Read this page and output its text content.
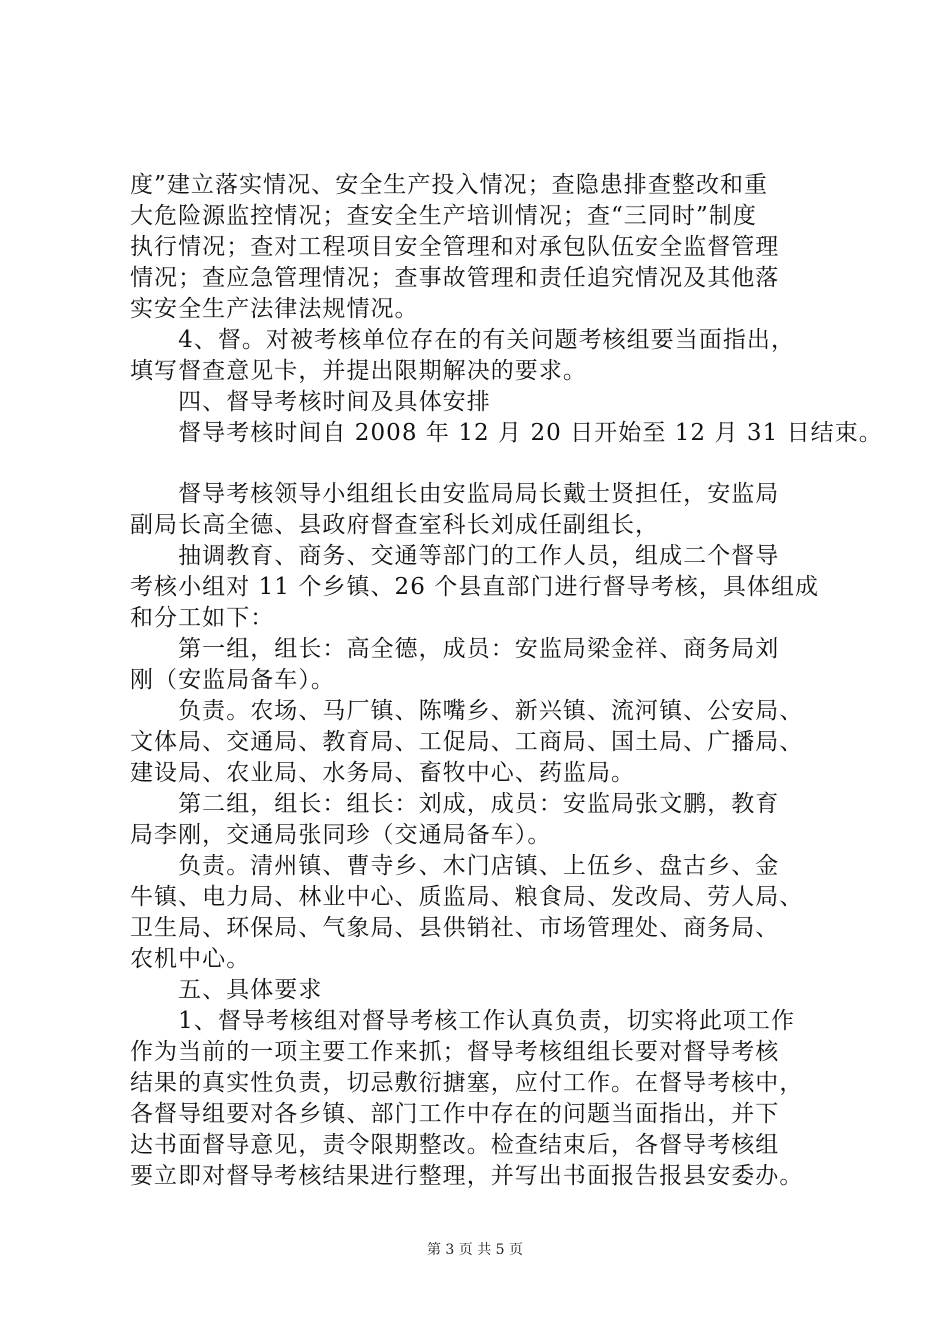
度”建立落实情况、安全生产投入情况；查隐患排查整改和重
大危险源监控情况；查安全生产培训情况；查“三同时”制度
执行情况；查对工程项目安全管理和对承包队伍安全监督管理
情况；查应急管理情况；查事故管理和责任追究情况及其他落
实安全生产法律法规情况。
　　4、督。对被考核单位存在的有关问题考核组要当面指出，
填写督查意见卡，并提出限期解决的要求。
　　四、督导考核时间及具体安排
　　督导考核时间自 2008 年 12 月 20 日开始至 12 月 31 日结束。
　　督导考核领导小组组长由安监局局长戴士贤担任，安监局
副局长高全德、县政府督查室科长刘成任副组长，
　　抽调教育、商务、交通等部门的工作人员，组成二个督导
考核小组对 11 个乡镇、26 个县直部门进行督导考核，具体组成
和分工如下：
　　第一组，组长：高全德，成员：安监局梁金祥、商务局刘
刚（安监局备车）。
　　负责。农场、马厂镇、陈嘴乡、新兴镇、流河镇、公安局、
文体局、交通局、教育局、工促局、工商局、国土局、广播局、
建设局、农业局、水务局、畜牧中心、药监局。
　　第二组，组长：组长：刘成，成员：安监局张文鹏，教育
局李刚，交通局张同珍（交通局备车）。
　　负责。清州镇、曹寺乡、木门店镇、上伍乡、盘古乡、金
牛镇、电力局、林业中心、质监局、粮食局、发改局、劳人局、
卫生局、环保局、气象局、县供销社、市场管理处、商务局、
农机中心。
　　五、具体要求
　　1、督导考核组对督导考核工作认真负责，切实将此项工作
作为当前的一项主要工作来抓；督导考核组组长要对督导考核
结果的真实性负责，切忌敷衍搪塞，应付工作。在督导考核中，
各督导组要对各乡镇、部门工作中存在的问题当面指出，并下
达书面督导意见，责令限期整改。检查结束后，各督导考核组
要立即对督导考核结果进行整理，并写出书面报告报县安委办。
第 3 页 共 5 页
